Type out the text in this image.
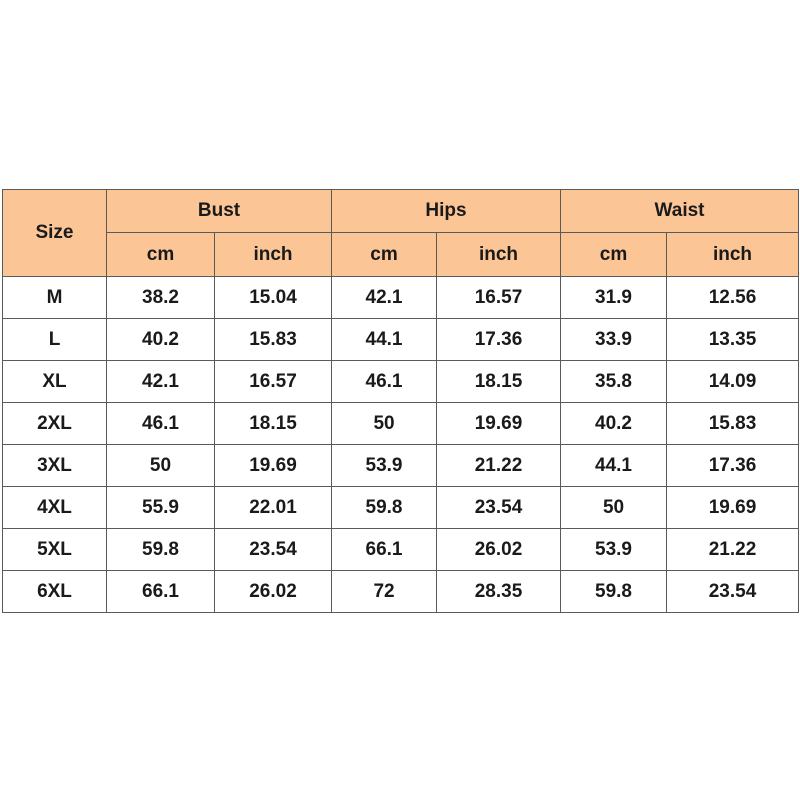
Size	Bust		Hips		Waist	
	cm	inch	cm	inch	cm	inch
M	38.2	15.04	42.1	16.57	31.9	12.56
L	40.2	15.83	44.1	17.36	33.9	13.35
XL	42.1	16.57	46.1	18.15	35.8	14.09
2XL	46.1	18.15	50	19.69	40.2	15.83
3XL	50	19.69	53.9	21.22	44.1	17.36
4XL	55.9	22.01	59.8	23.54	50	19.69
5XL	59.8	23.54	66.1	26.02	53.9	21.22
6XL	66.1	26.02	72	28.35	59.8	23.54
